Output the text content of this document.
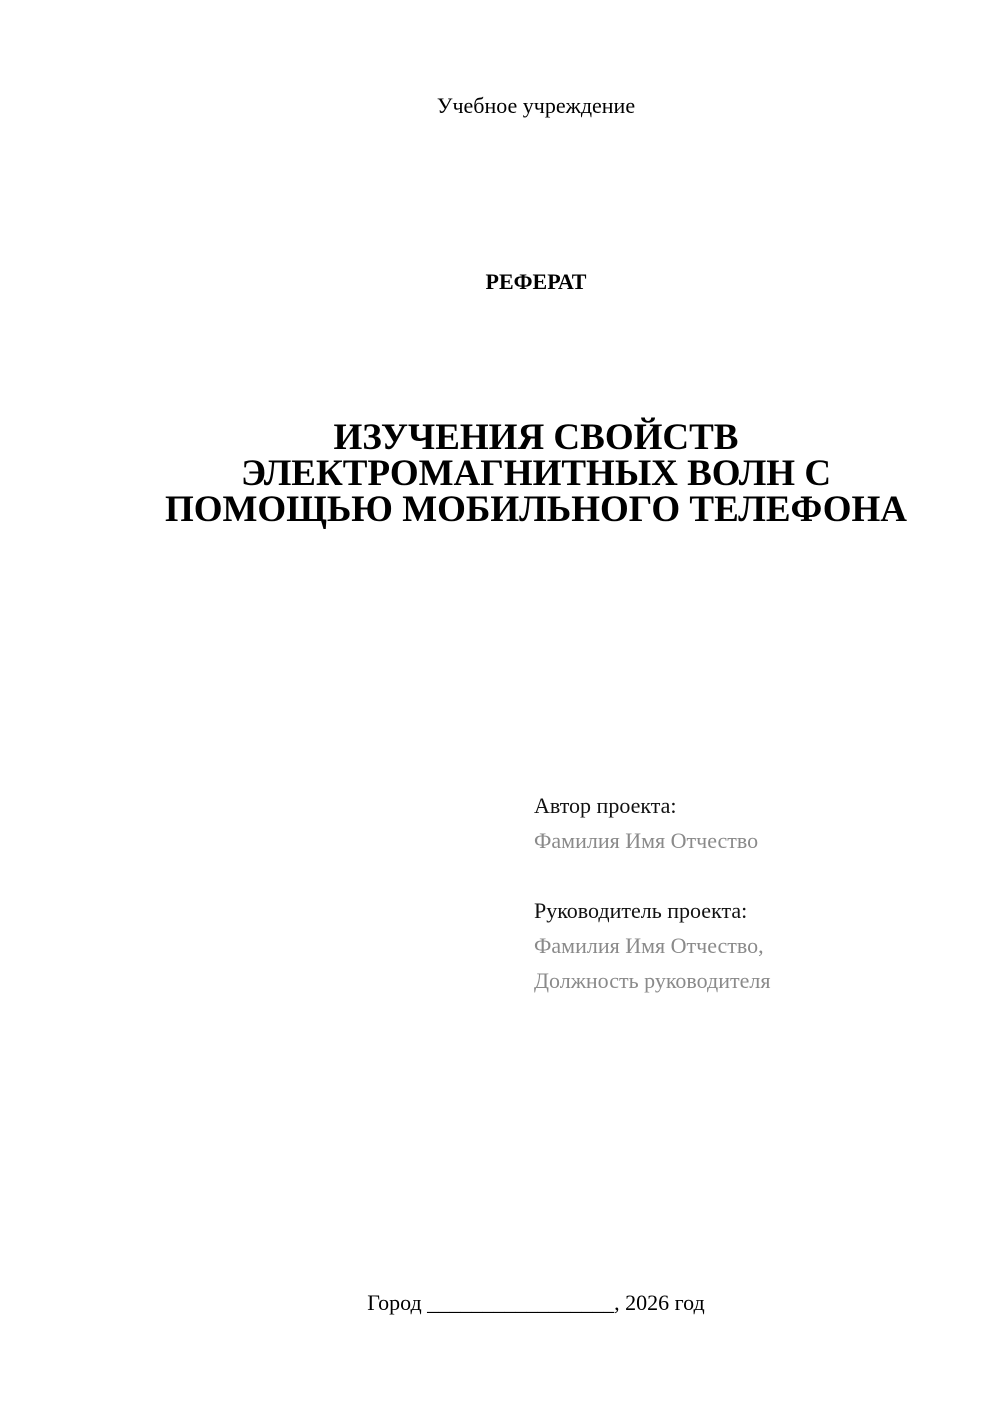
Учебное учреждение
РЕФЕРАТ
ИЗУЧЕНИЯ СВОЙСТВ
ЭЛЕКТРОМАГНИТНЫХ ВОЛН С
ПОМОЩЬЮ МОБИЛЬНОГО ТЕЛЕФОНА
Автор проекта:
Фамилия Имя Отчество
Руководитель проекта:
Фамилия Имя Отчество,
Должность руководителя
Город _________________, 2026 год
